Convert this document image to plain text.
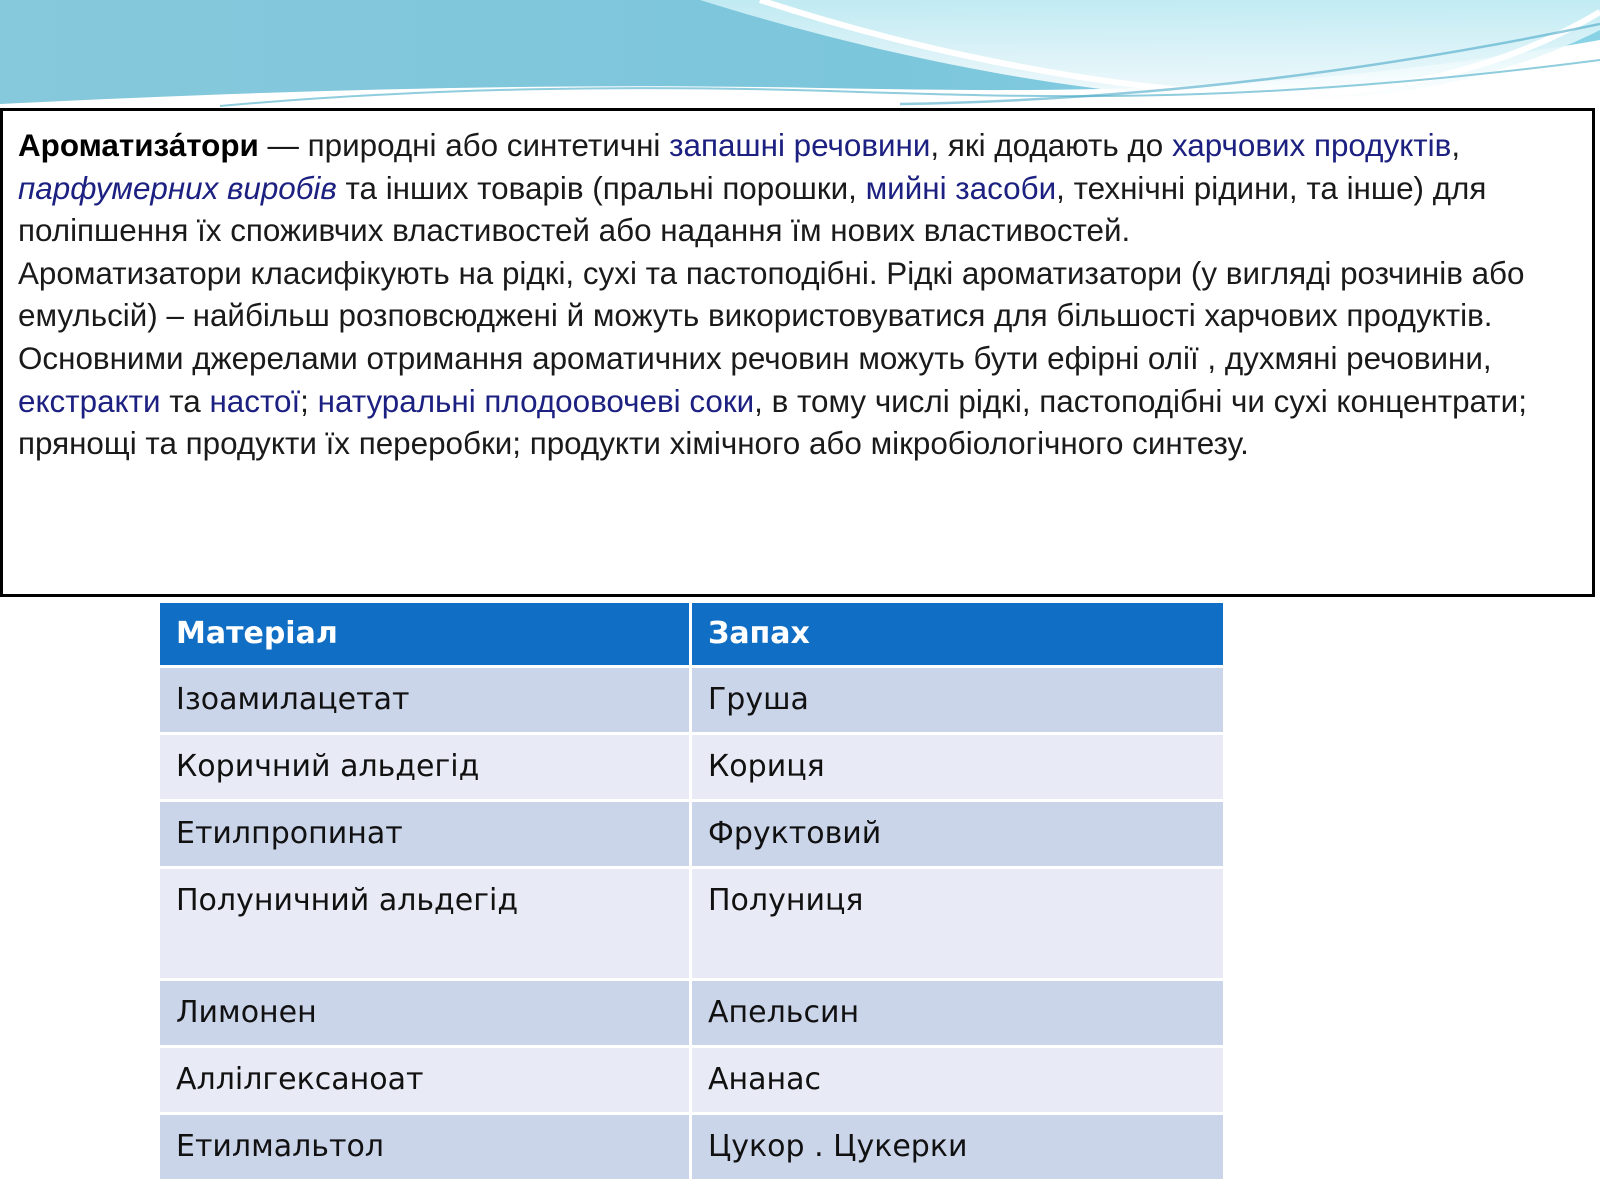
Ароматиза́тори — природні або синтетичні запашні речовини, які додають до харчових продуктів, парфумерних виробів та інших товарів (пральні порошки, мийні засоби, технічні рідини, та інше) для поліпшення їх споживчих властивостей або надання їм нових властивостей.

Ароматизатори класифікують на рідкі, сухі та пастоподібні. Рідкі ароматизатори (у вигляді розчинів або емульсій) – найбільш розповсюджені й можуть використовуватися для більшості харчових продуктів.

Основними джерелами отримання ароматичних речовин можуть бути ефірні олії , духмяні речовини, екстракти та настої; натуральні плодоовочеві соки, в тому числі рідкі, пастоподібні чи сухі концентрати; прянощі та продукти їх переробки; продукти хімічного або мікробіологічного синтезу.

Матеріал	Запах
Ізоамилацетат	Груша
Коричний альдегід	Кориця
Етилпропинат	Фруктовий
Полуничний альдегід	Полуниця
Лимонен	Апельсин
Аллілгексаноат	Ананас
Етилмальтол	Цукор . Цукерки
